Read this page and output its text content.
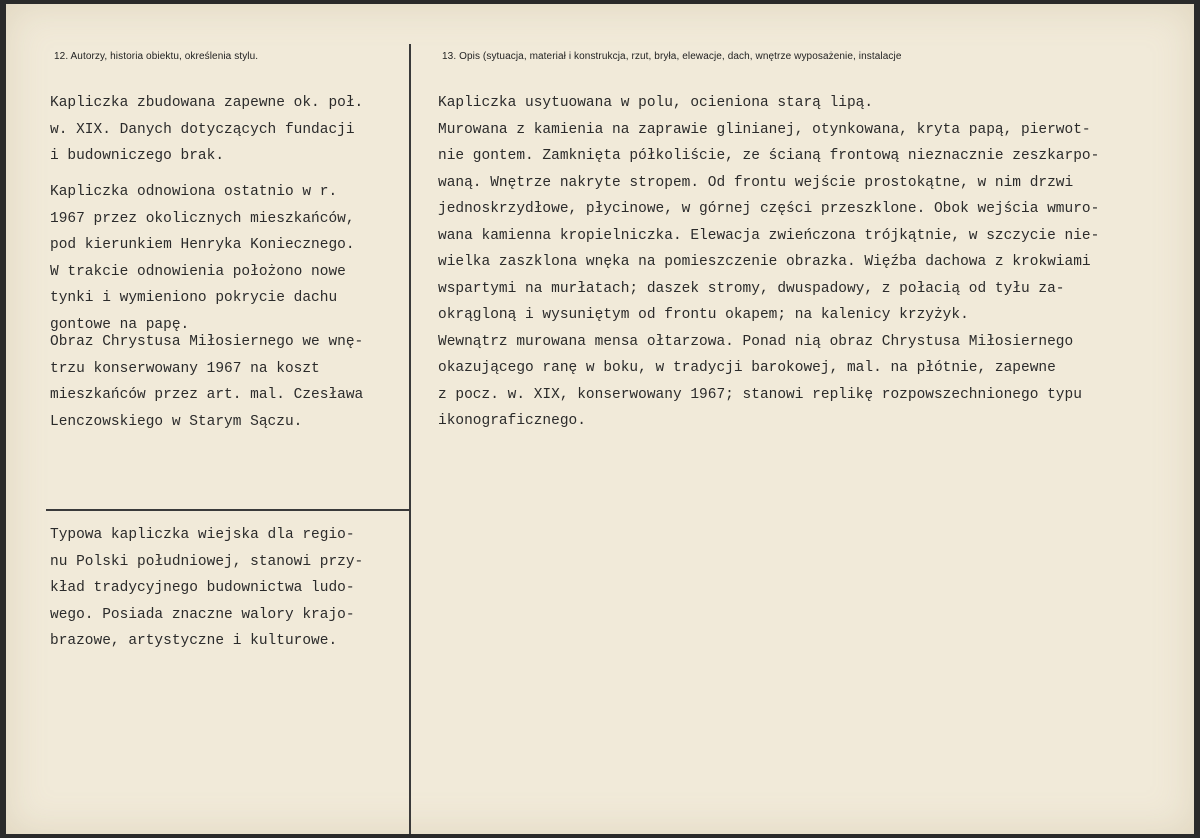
12. Autorzy, historia obiektu, określenia stylu.	13. Opis (sytuacja, materiał i konstrukcja, rzut, bryła, elewacje, dach, wnętrze wyposażenie, instalacje
Kapliczka zbudowana zapewne ok. poł.
w. XIX. Danych dotyczących fundacji
i budowniczego brak.
Kapliczka odnowiona ostatnio w r.
1967 przez okolicznych mieszkańców,
pod kierunkiem Henryka Koniecznego.
W trakcie odnowienia położono nowe
tynki i wymieniono pokrycie dachu
gontowe na papę.
Obraz Chrystusa Miłosiernego we wnę-
trzu konserwowany 1967 na koszt
mieszkańców przez art. mal. Czesława
Lenczowskiego w Starym Sączu.
Typowa kapliczka wiejska dla regio-
nu Polski południowej, stanowi przy-
kład tradycyjnego budownictwa ludo-
wego. Posiada znaczne walory krajo-
brazowe, artystyczne i kulturowe.
Kapliczka usytuowana w polu, ocieniona starą lipą.
Murowana z kamienia na zaprawie glinianej, otynkowana, kryta papą, pierwot-
nie gontem. Zamknięta półkoliście, ze ścianą frontową nieznacznie zeszkarpo-
waną. Wnętrze nakryte stropem. Od frontu wejście prostokątne, w nim drzwi
jednoskrzydłowe, płycinowe, w górnej części przeszklone. Obok wejścia wmuro-
wana kamienna kropielniczka. Elewacja zwieńczona trójkątnie, w szczycie nie-
wielka zaszklona wnęka na pomieszczenie obrazka. Więźba dachowa z krokwiami
wspartymi na murłatach; daszek stromy, dwuspadowy, z połacią od tyłu za-
okrągloną i wysuniętym od frontu okapem; na kalenicy krzyżyk.
Wewnątrz murowana mensa ołtarzowa. Ponad nią obraz Chrystusa Miłosiernego
okazującego ranę w boku, w tradycji barokowej, mal. na płótnie, zapewne
z pocz. w. XIX, konserwowany 1967; stanowi replikę rozpowszechnionego typu
ikonograficznego.
